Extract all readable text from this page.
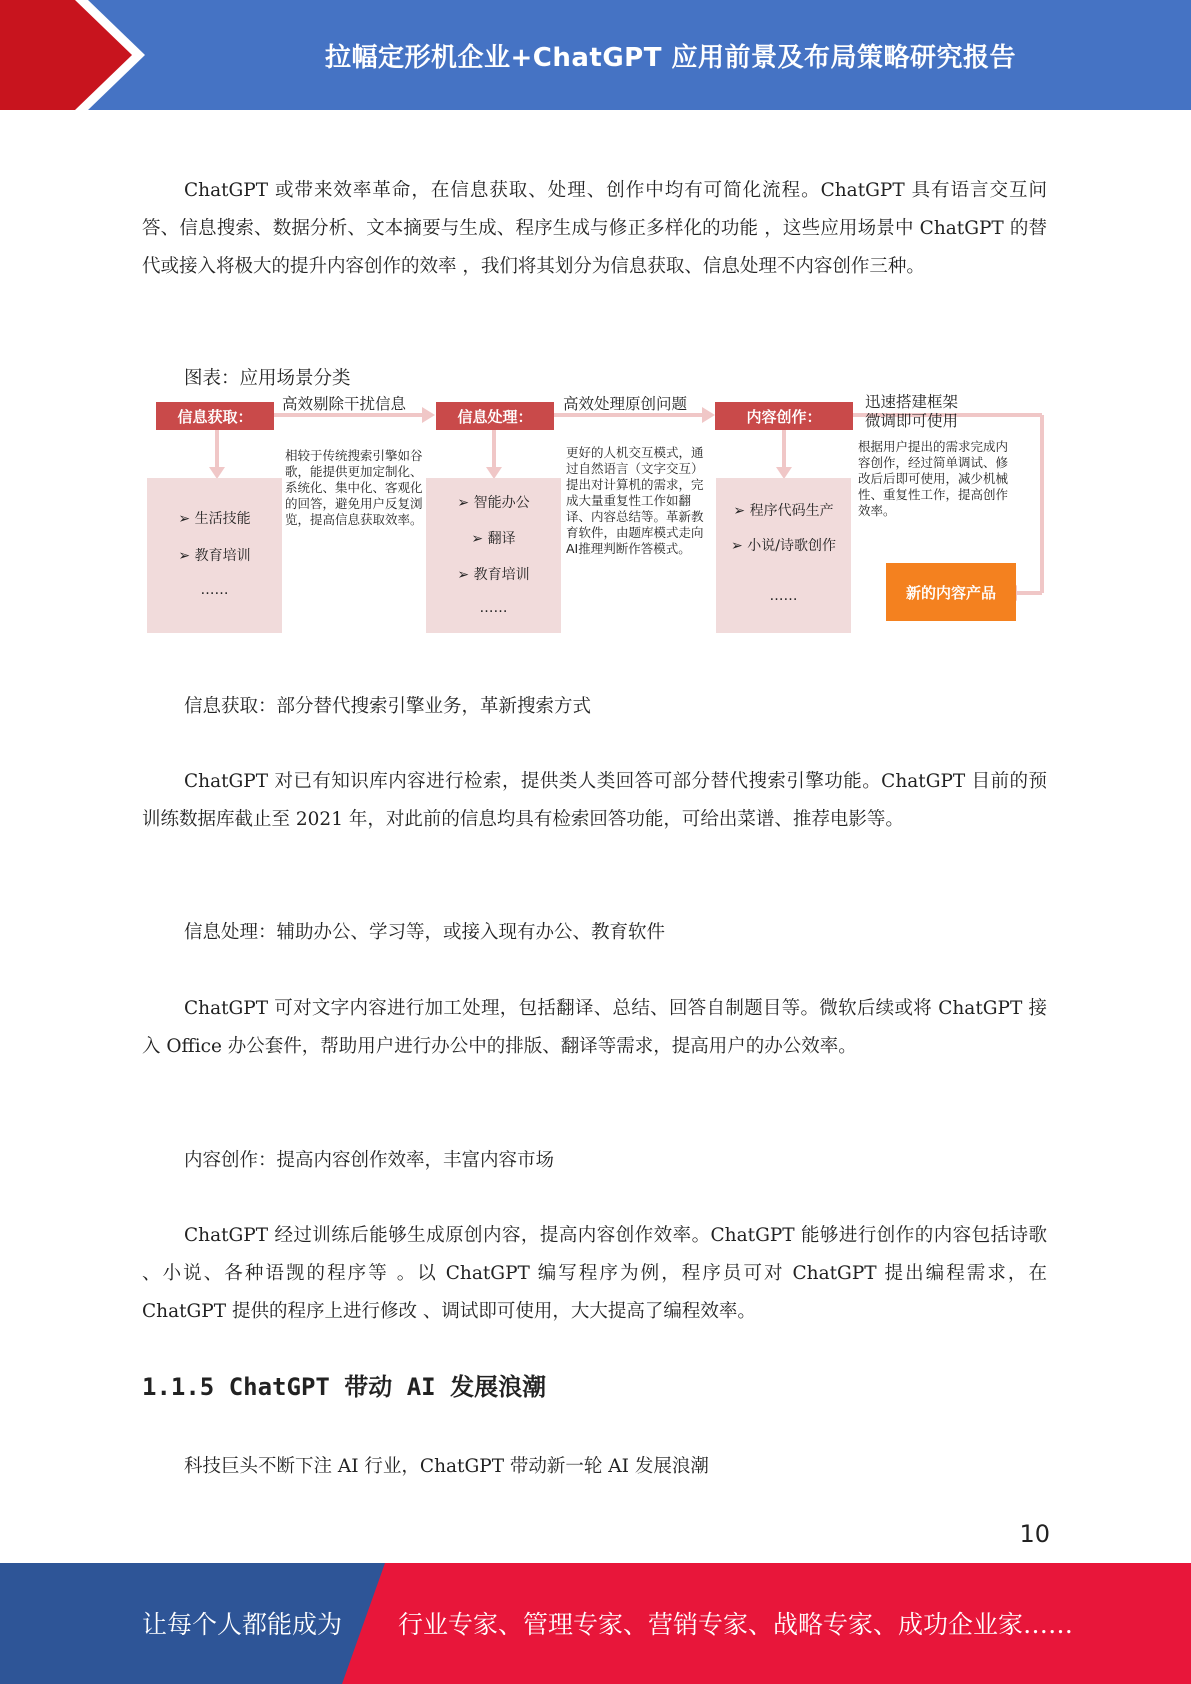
拉幅定形机企业+ChatGPT 应用前景及布局策略研究报告
ChatGPT 或带来效率革命，在信息获取、处理、创作中均有可简化流程。ChatGPT 具有语言交互问答、信息搜索、数据分析、文本摘要与生成、程序生成与修正多样化的功能 ，这些应用场景中 ChatGPT 的替代或接入将极大的提升内容创作的效率 ，我们将其划分为信息获取、信息处理不内容创作三种。
图表：应用场景分类
信息获取：
高效剔除干扰信息
➢ 生活技能
➢ 教育培训
……
相较于传统搜索引擎如谷歌，能提供更加定制化、系统化、集中化、客观化的回答，避免用户反复浏览，提高信息获取效率。
信息处理：
高效处理原创问题
➢ 智能办公
➢ 翻译
➢ 教育培训
……
更好的人机交互模式，通过自然语言（文字交互）提出对计算机的需求，完成大量重复性工作如翻译、内容总结等。革新教育软件，由题库模式走向AI推理判断作答模式。
内容创作：
迅速搭建框架
微调即可使用
➢ 程序代码生产
➢ 小说/诗歌创作
……
根据用户提出的需求完成内容创作，经过简单调试、修改后后即可使用，减少机械性、重复性工作，提高创作效率。
新的内容产品
信息获取：部分替代搜索引擎业务，革新搜索方式
ChatGPT 对已有知识库内容进行检索，提供类人类回答可部分替代搜索引擎功能。ChatGPT 目前的预训练数据库截止至 2021 年，对此前的信息均具有检索回答功能，可给出菜谱、推荐电影等。
信息处理：辅助办公、学习等，或接入现有办公、教育软件
ChatGPT 可对文字内容进行加工处理，包括翻译、总结、回答自制题目等。微软后续或将 ChatGPT 接入 Office 办公套件，帮助用户进行办公中的排版、翻译等需求，提高用户的办公效率。
内容创作：提高内容创作效率，丰富内容市场
ChatGPT 经过训练后能够生成原创内容，提高内容创作效率。ChatGPT 能够进行创作的内容包括诗歌 、小说、各种语觊的程序等 。以 ChatGPT 编写程序为例，程序员可对 ChatGPT 提出编程需求，在 ChatGPT 提供的程序上进行修改 、调试即可使用，大大提高了编程效率。
1.1.5 ChatGPT 带动 AI 发展浪潮
科技巨头不断下注 AI 行业，ChatGPT 带动新一轮 AI 发展浪潮
10
让每个人都能成为 行业专家、管理专家、营销专家、战略专家、成功企业家……
